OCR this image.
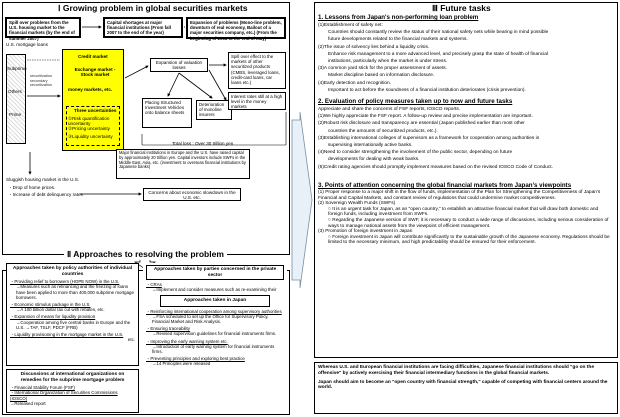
Ⅰ Growing problem in global securities markets
Spill over problems from the U.S. housing market to the financial markets (by the end of summer 2007)
Capital shortages at major financial institutions (From fall 2007 to the end of the year)
Expansion of problems (Mono-line problem, downturn of real economy, Bailout of a major securities company, etc.) (From the beginning of 2008 to the end of May)
U.S. mortgage loans
Subprime
Others
Prime
securitization secondary securitization
Credit market
Exchange market - Stock market
money markets, etc.
Three uncertainties
①Risk quantification uncertainty
②Pricing uncertainty
③Liquidity uncertainty
Expansion of valuation losses
Placing Structured Investment Vehicles onto balance sheets
Deterioration of monoline insurers
Spill over effect to the markets of other securitized products (CMBS, leveraged loans, credit-card loans, car loans etc.)
Interest rates still at a high level in the money markets
Total loss : Over 30 trillion yen
Major financial institutions in Europe and the U.S. have raised capital by approximately 20 trillion yen. Capital investors include SWFs in the Middle East, Asia, etc. (investment to overseas financial institutions by Japanese banks)
Sluggish housing market in the U.S.
・Drop of home prices.
・Increase of debt delinquency rates	Concerns about economic slowdown in the U.S. etc.
Ⅱ Approaches to resolving the problem
Approaches taken by policy authorities of individual countries
・Providing relief to borrowers (HOPE NOW) in the U.S.
→Measures such as refinancing and the freezing of loans have been applied to more than 400,000 subprime mortgage borrowers.
・Economic stimulus package in the U.S.
→A 100 billion dollar tax cut with rebates, etc.
・Expansion of means for liquidity provision
→Cooperation among five central banks in Europe and the U.S. →TAF, TSLF, PDCF (FRB)
・Liquidity provisioning in the mortgage market in the U.S.
etc.
Discussions at international organizations on remedies for the subprime mortgage problem
・Financial Stability Forum (FSF)
・International Organization of Securities Commissions (IOSCO)
→Released report
Approaches taken by parties concerned in the private sector
・CRAs
→Implement and consider measures such as re-examining their
Approaches taken in Japan
・Reinforcing international cooperation among supervisory authorities
→FSA scheduled to set up the Office for Supervisory Policy, Financial Market and Risk Analysis.
・Ensuring traceability
→Revised supervision guidelines for financial instruments firms.
・Improving the early warning system etc.
→Introduction of early warning system for financial instruments firms.
・Preventing principles and exploring best practice
→14 Principles were released
Ⅲ Future tasks
1. Lessons from Japan's non-performing loan problem

(1)Establishment of safety net:

Countries should constantly review the status of their national safety nets while bearing in mind possible

future developments related to the financial markets and systems.

(2)The issue of solvency lies behind a liquidity crisis.

Enhance risk management to a more advanced level, and precisely grasp the state of health of financial

institutions, particularly when the market is under stress.

(3)A common yard stick for the proper assessment of assets.

Market discipline based on information disclosure.

(4)Early detection and recognition.

Important to act before the soundness of a financial institution deteriorates (crisis prevention).

2. Evaluation of policy measures taken up to now and future tasks

Appreciate and share the concerns of FSF reports, IOSCO reports.

(1)We highly appreciate the FSF report. A follow-up review and precise implementation are important.

(2)Robust risk disclosure and transparency are essential (Japan published earlier than most other

countries the amounts of securitized products, etc.).

(3)Establishing international colleges of supervisors as a framework for cooperation among authorities in

supervising internationally active banks.

(4)Need to consider strengthening the involvement of the public sector, depending on future

developments for dealing with weak banks.

(5)Credit rating agencies should promptly implement measures based on the revised IOSCO Code of Conduct.

3. Points of attention concerning the global financial markets from Japan’s viewpoints

(1) Proper response to a major shift in the flow of funds, implementation of the Plan for Strengthening the Competitiveness of Japan's Financial and Capital Markets, and constant review of regulations that could undermine market competitiveness.

(2) Sovereign Wealth Funds (SWFs)

○ It is an urgent task for Japan, as an "open country," to establish an attractive financial market that will draw both domestic and foreign funds, including investment from SWFs.

○ Regarding the Japanese version of SWF, it is necessary to conduct a wide range of discussions, including serious consideration of ways to manage national assets from the viewpoint of efficient management.

(3) Promotion of foreign investment in Japan

○ Foreign investment in Japan will contribute significantly to the sustainable growth of the Japanese economy. Regulations should be limited to the necessary minimum, and high predictability should be ensured for their enforcement.

Whereas U.S. and European financial institutions are facing difficulties, Japanese financial institutions should "go on the offensive" by actively exercising their financial intermediary functions in the global financial markets.

Japan should aim to become an "open country with financial strength," capable of competing with financial centers around the world.
